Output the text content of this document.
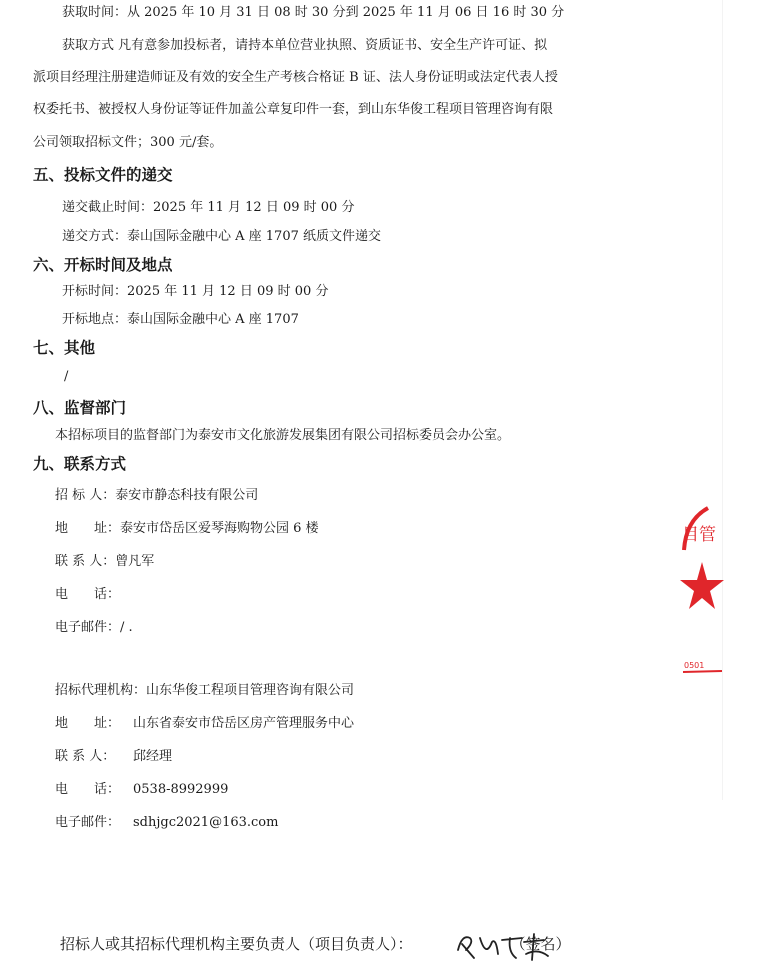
获取时间：从 2025 年 10 月 31 日 08 时 30 分到 2025 年 11 月 06 日 16 时 30 分
获取方式 凡有意参加投标者，请持本单位营业执照、资质证书、安全生产许可证、拟
派项目经理注册建造师证及有效的安全生产考核合格证 B 证、法人身份证明或法定代表人授
权委托书、被授权人身份证等证件加盖公章复印件一套，到山东华俊工程项目管理咨询有限
公司领取招标文件；300 元/套。
五、投标文件的递交
递交截止时间：2025 年 11 月 12 日 09 时 00 分
递交方式：泰山国际金融中心 A 座 1707 纸质文件递交
六、开标时间及地点
开标时间：2025 年 11 月 12 日 09 时 00 分
开标地点：泰山国际金融中心 A 座 1707
七、其他
/
八、监督部门
本招标项目的监督部门为泰安市文化旅游发展集团有限公司招标委员会办公室。
九、联系方式
招 标 人：泰安市静态科技有限公司
地　　址：泰安市岱岳区爱琴海购物公园 6 楼
联 系 人：曾凡军
电　　话：
电子邮件：/ .
招标代理机构：山东华俊工程项目管理咨询有限公司
地　　址： 山东省泰安市岱岳区房产管理服务中心
联 系 人： 邱经理
电　　话： 0538-8992999
电子邮件： sdhjgc2021@163.com
目管
0501
招标人或其招标代理机构主要负责人（项目负责人）：	（签名）
